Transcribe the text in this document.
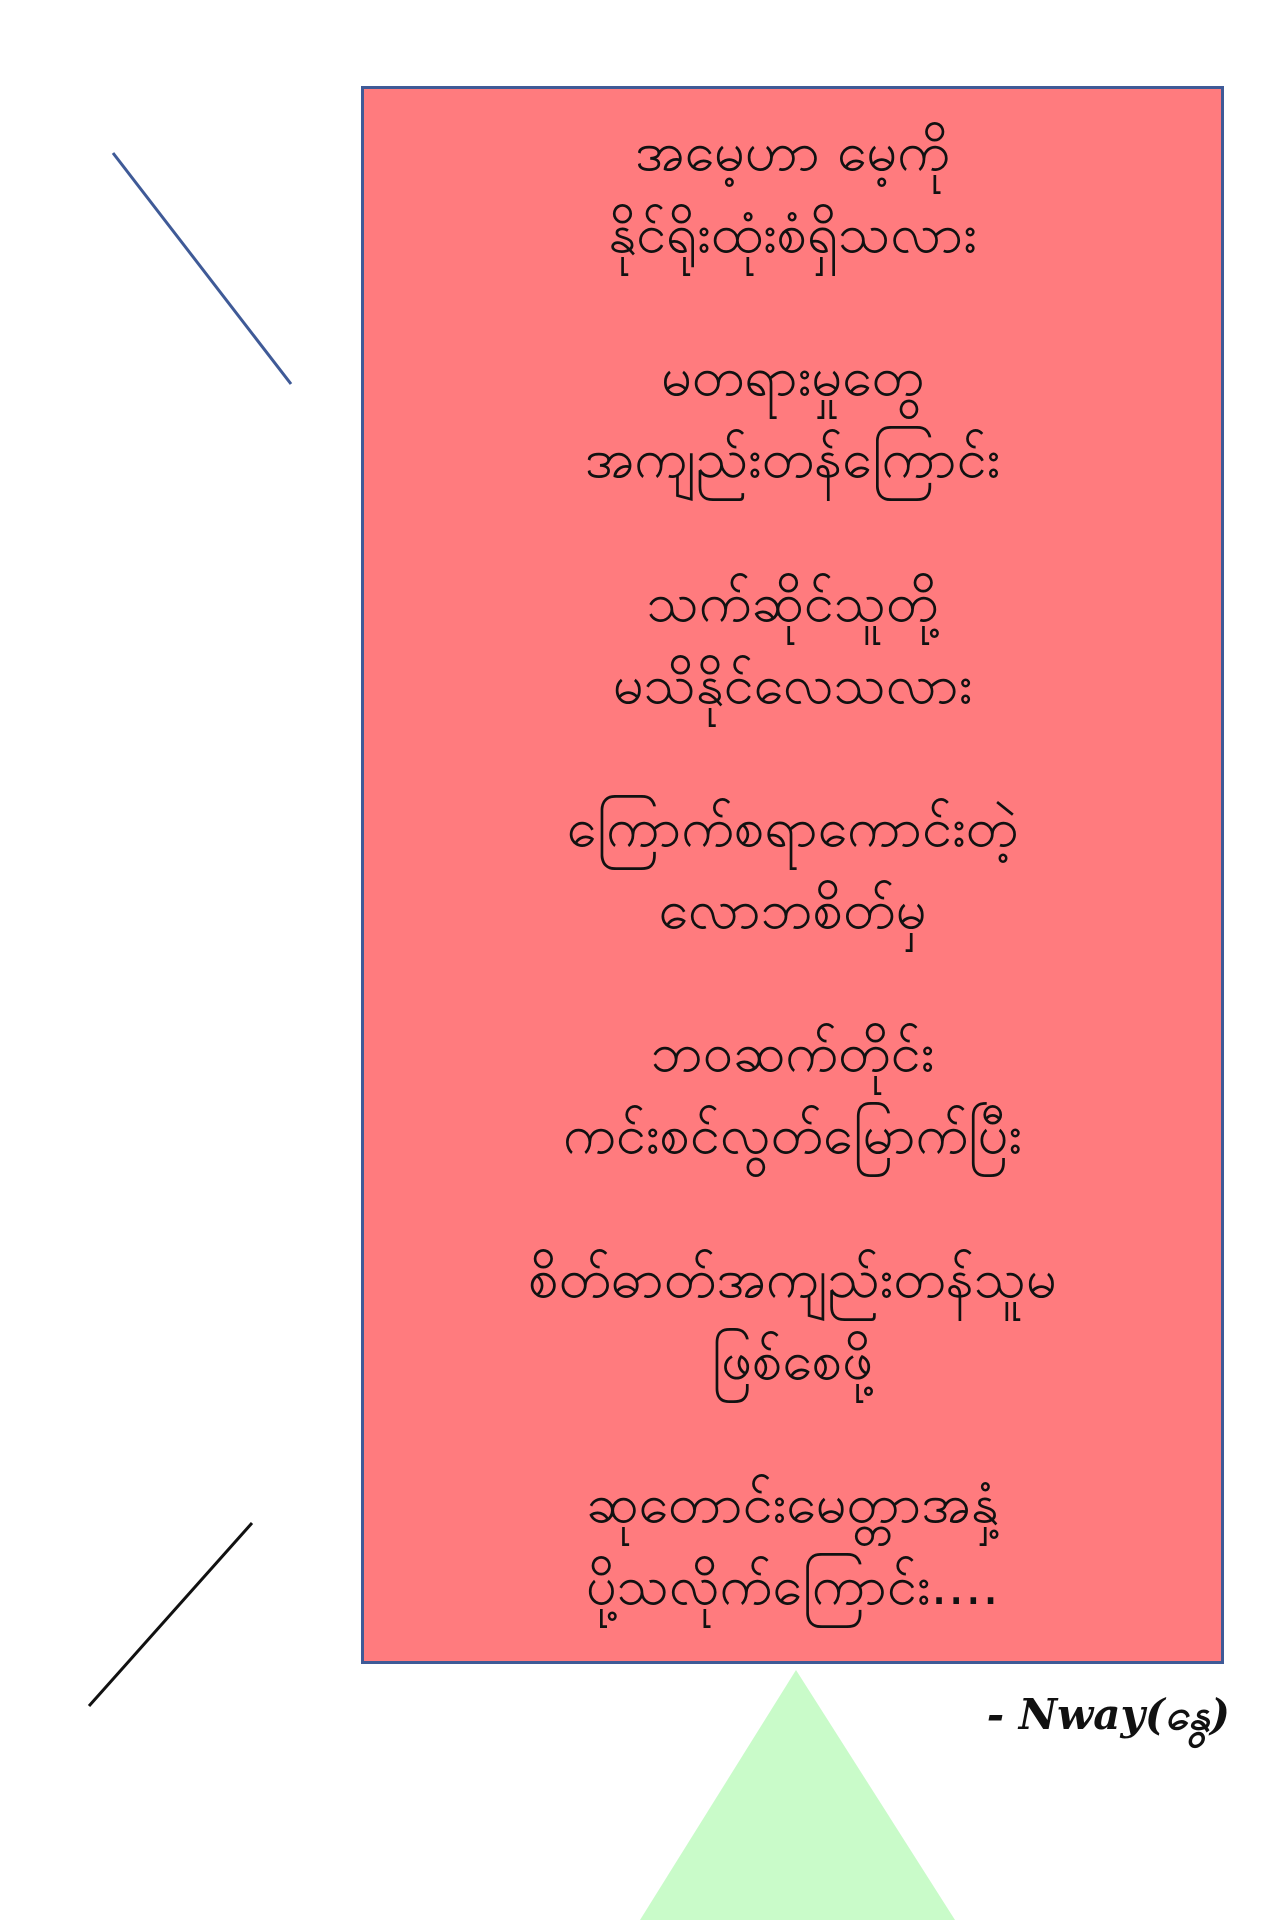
အမေ့ဟာ မေ့ကို
နိုင်ရိုးထုံးစံရှိသလား
မတရားမှုတွေ
အကျည်းတန်ကြောင်း
သက်ဆိုင်သူတို့
မသိနိုင်လေသလား
ကြောက်စရာကောင်းတဲ့
လောဘစိတ်မှ
ဘဝဆက်တိုင်း
ကင်းစင်လွတ်မြောက်ပြီး
စိတ်ဓာတ်အကျည်းတန်သူမ
ဖြစ်စေဖို့
ဆုတောင်းမေတ္တာအနှံ့
ပို့သလိုက်ကြောင်း....
- Nway(နွေ)
